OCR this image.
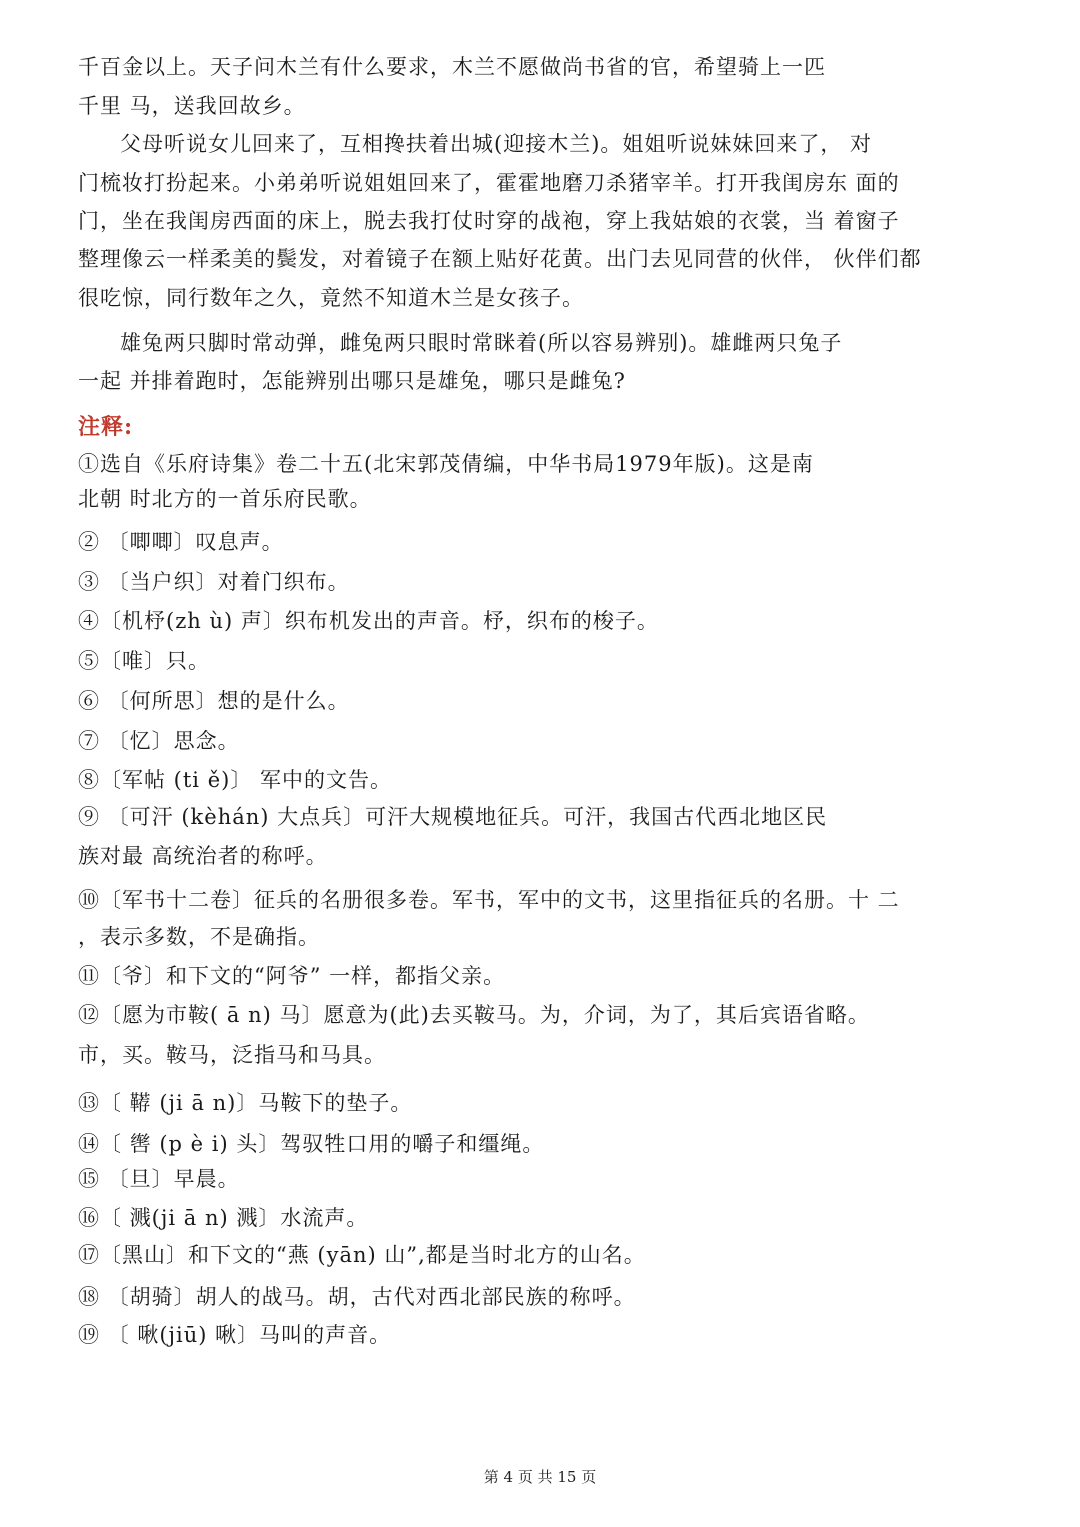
千百金以上。天子问木兰有什么要求，木兰不愿做尚书省的官，希望骑上一匹
千里 马，送我回故乡。
父母听说女儿回来了，互相搀扶着出城(迎接木兰)。姐姐听说妹妹回来了， 对
门梳妆打扮起来。小弟弟听说姐姐回来了，霍霍地磨刀杀猪宰羊。打开我闺房东 面的
门，坐在我闺房西面的床上，脱去我打仗时穿的战袍，穿上我姑娘的衣裳，当 着窗子
整理像云一样柔美的鬓发，对着镜子在额上贴好花黄。出门去见同营的伙伴， 伙伴们都
很吃惊，同行数年之久，竟然不知道木兰是女孩子。
雄兔两只脚时常动弹，雌兔两只眼时常眯着(所以容易辨别)。雄雌两只兔子
一起 并排着跑时，怎能辨别出哪只是雄兔，哪只是雌兔?
注释:
①选自《乐府诗集》卷二十五(北宋郭茂倩编，中华书局1979年版)。这是南
北朝 时北方的一首乐府民歌。
② 〔唧唧〕叹息声。
③ 〔当户织〕对着门织布。
④〔机杼(zh ù) 声〕织布机发出的声音。杼，织布的梭子。
⑤〔唯〕只。
⑥ 〔何所思〕想的是什么。
⑦ 〔忆〕思念。
⑧〔军帖 (ti ě)〕 军中的文告。
⑨ 〔可汗 (kèhán) 大点兵〕可汗大规模地征兵。可汗，我国古代西北地区民
族对最 高统治者的称呼。
⑩〔军书十二卷〕征兵的名册很多卷。军书，军中的文书，这里指征兵的名册。十 二
，表示多数，不是确指。
⑪〔爷〕和下文的“阿爷” 一样，都指父亲。
⑫〔愿为市鞍( ā n) 马〕愿意为(此)去买鞍马。为，介词，为了，其后宾语省略。
市，买。鞍马，泛指马和马具。
⑬〔 鞯 (ji ā n)〕马鞍下的垫子。
⑭〔 辔 (p è i) 头〕驾驭牲口用的嚼子和缰绳。
⑮ 〔旦〕早晨。
⑯〔 溅(ji ā n) 溅〕水流声。
⑰〔黑山〕和下文的“燕 (yān) 山”,都是当时北方的山名。
⑱ 〔胡骑〕胡人的战马。胡，古代对西北部民族的称呼。
⑲ 〔 啾(jiū) 啾〕马叫的声音。
第 4 页 共 15 页
